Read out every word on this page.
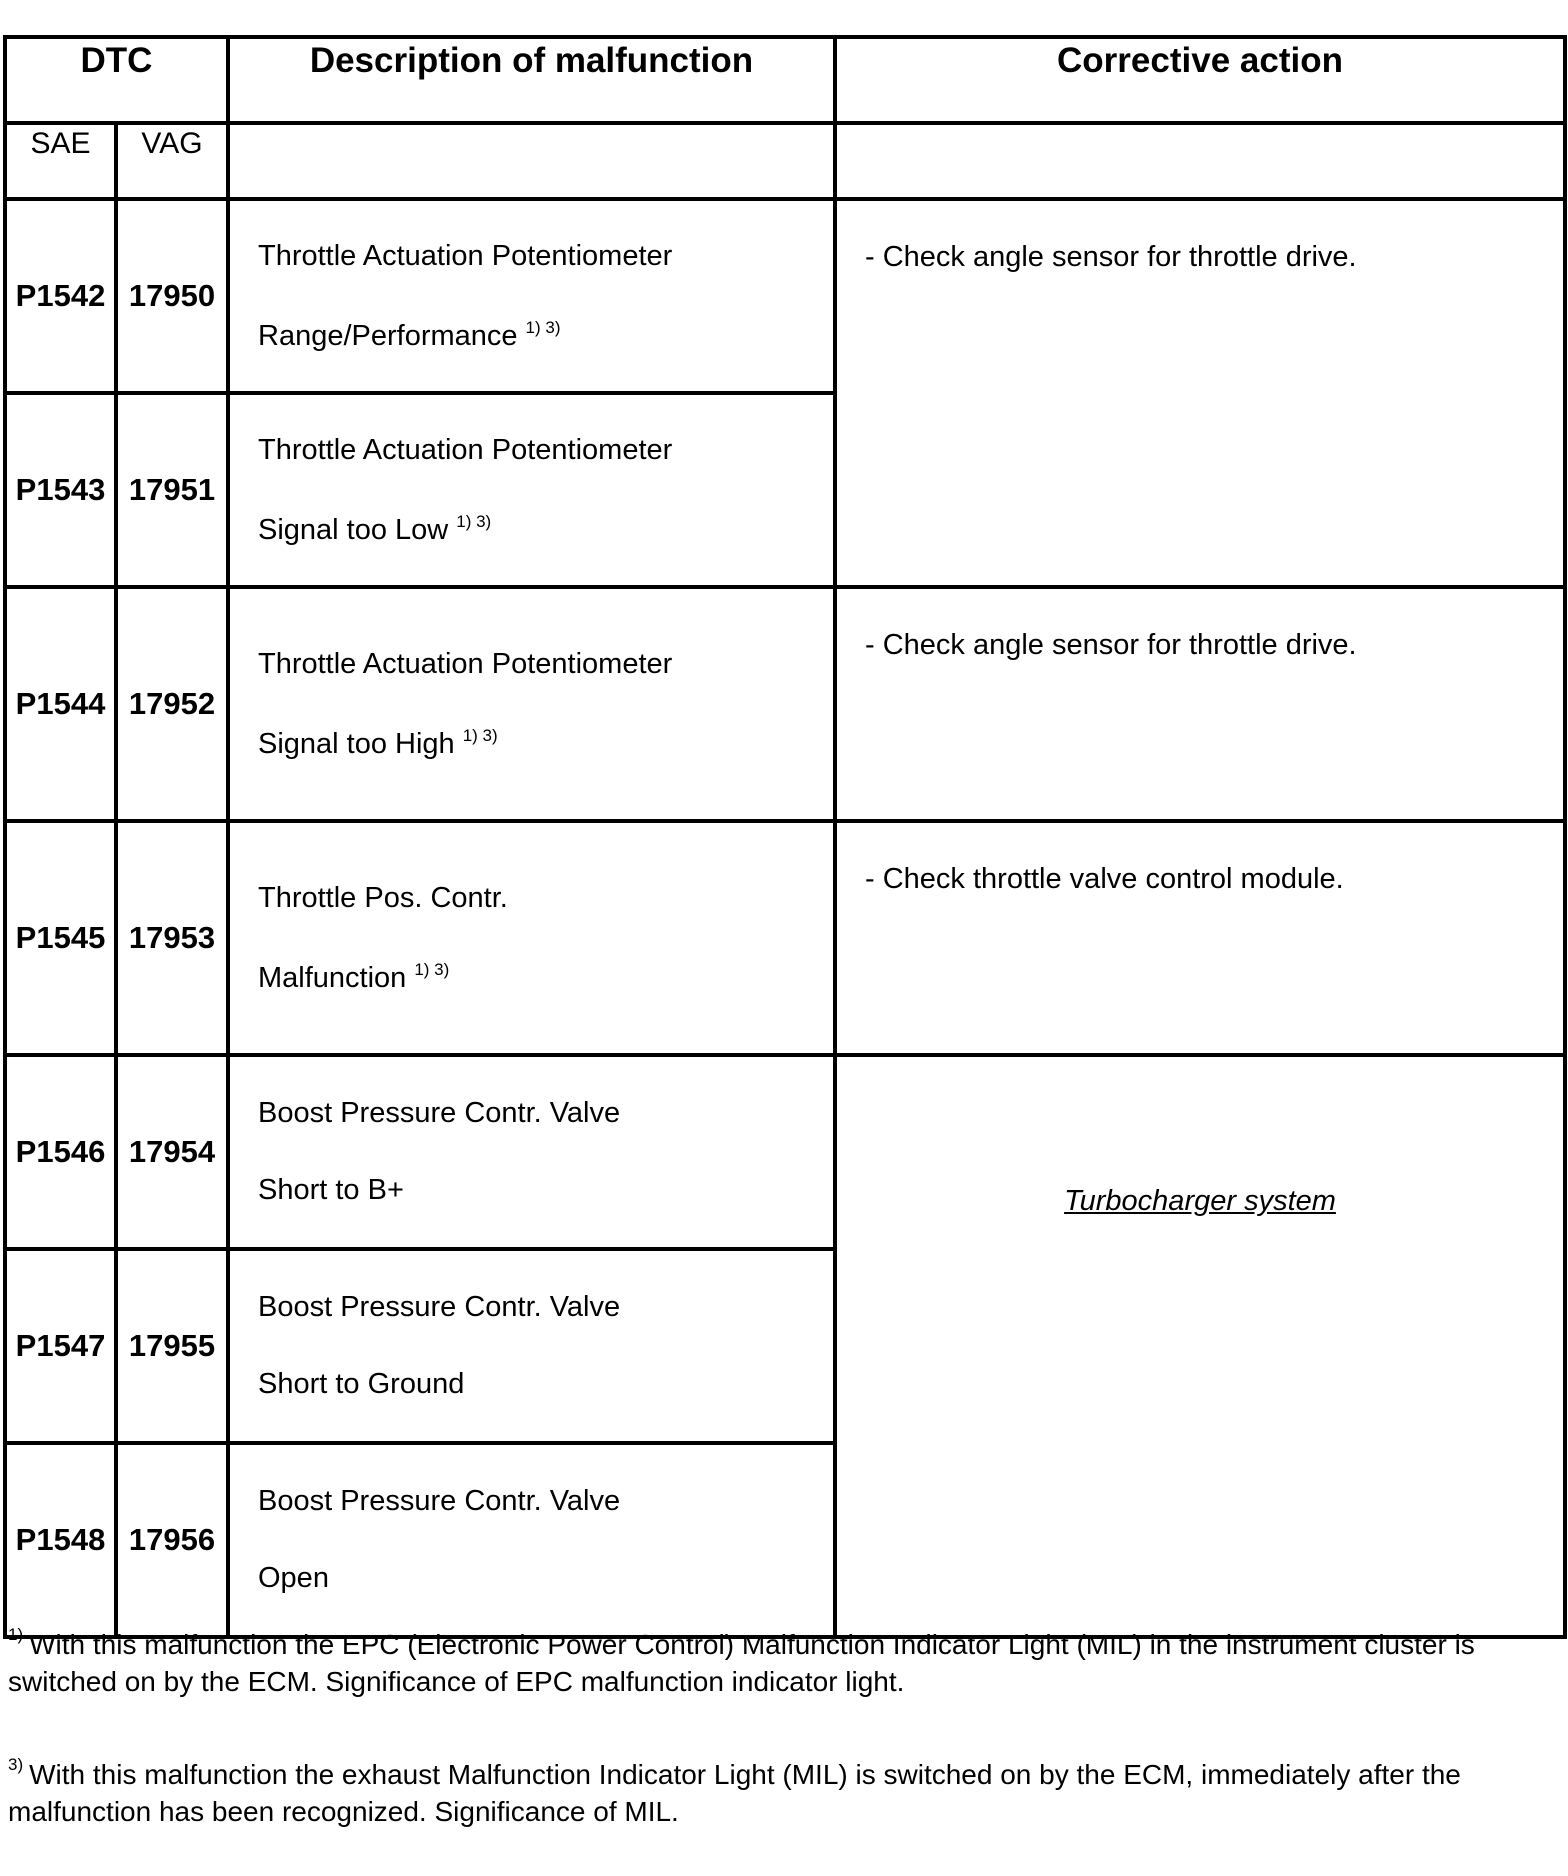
DTC		Description of malfunction	Corrective action
SAE	VAG		
P1542	17950	Throttle Actuation Potentiometer
Range/Performance $^{1) 3)}$	- Check angle sensor for throttle drive.
P1543	17951	Throttle Actuation Potentiometer
Signal too Low $^{1) 3)}$

P1544	17952	Throttle Actuation Potentiometer
Signal too High $^{1) 3)}$	- Check angle sensor for throttle drive.
P1545	17953	Throttle Pos. Contr.
Malfunction $^{1) 3)}$	- Check throttle valve control module.
P1546	17954	Boost Pressure Contr. Valve
Short to B+	Turbocharger system
P1547	17955	Boost Pressure Contr. Valve
Short to Ground	

P1548	17956	Boost Pressure Contr. Valve
Open	

$^{1)}$ With this malfunction the EPC (Electronic Power Control) Malfunction Indicator Light (MIL) in the instrument cluster is switched on by the ECM. Significance of EPC malfunction indicator light.

$^{3)}$ With this malfunction the exhaust Malfunction Indicator Light (MIL) is switched on by the ECM, immediately after the malfunction has been recognized. Significance of MIL.
